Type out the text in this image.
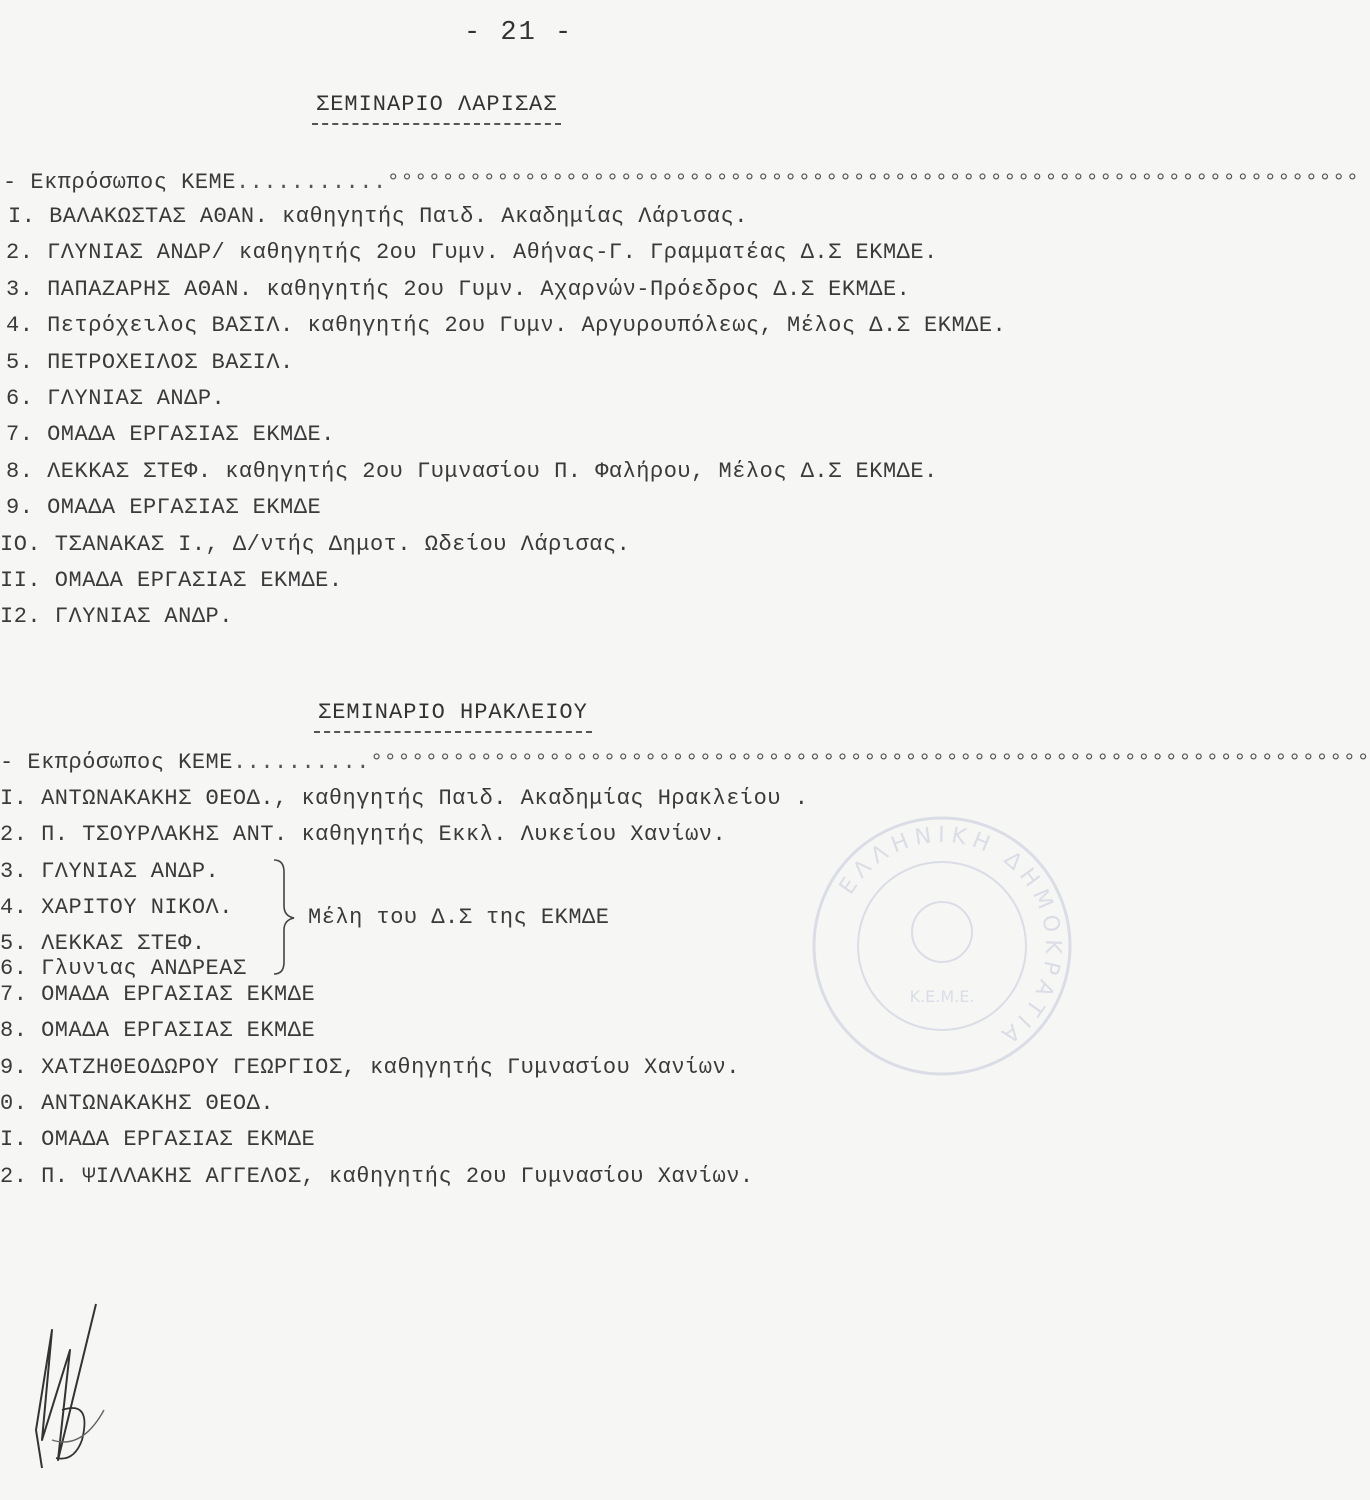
- 21 -
ΣΕΜΙΝΑΡΙΟ ΛΑΡΙΣΑΣ
- Εκπρόσωπος ΚΕΜΕ...........°°°°°°°°°°°°°°°°°°°°°°°°°°°°°°°°°°°°°°°°°°°°°°°°°°°°°°°°°°°°°°°°°°°°°°°
Ι. ΒΑΛΑΚΩΣΤΑΣ ΑΘΑΝ. καθηγητής Παιδ. Ακαδημίας Λάρισας.
2. ΓΛΥΝΙΑΣ ΑΝΔΡ/ καθηγητής 2ου Γυμν. Αθήνας-Γ. Γραμματέας Δ.Σ ΕΚΜΔΕ.
3. ΠΑΠΑΖΑΡΗΣ ΑΘΑΝ. καθηγητής 2ου Γυμν. Αχαρνών-Πρόεδρος Δ.Σ ΕΚΜΔΕ.
4. Πετρόχειλος ΒΑΣΙΛ. καθηγητής 2ου Γυμν. Αργυρουπόλεως, Μέλος Δ.Σ ΕΚΜΔΕ.
5. ΠΕΤΡΟΧΕΙΛΟΣ ΒΑΣΙΛ.
6. ΓΛΥΝΙΑΣ ΑΝΔΡ.
7. ΟΜΑΔΑ ΕΡΓΑΣΙΑΣ ΕΚΜΔΕ.
8. ΛΕΚΚΑΣ ΣΤΕΦ. καθηγητής 2ου Γυμνασίου Π. Φαλήρου, Μέλος Δ.Σ ΕΚΜΔΕ.
9. ΟΜΑΔΑ ΕΡΓΑΣΙΑΣ ΕΚΜΔΕ
ΙΟ. ΤΣΑΝΑΚΑΣ Ι., Δ/ντής Δημοτ. Ωδείου Λάρισας.
ΙΙ. ΟΜΑΔΑ ΕΡΓΑΣΙΑΣ ΕΚΜΔΕ.
Ι2. ΓΛΥΝΙΑΣ ΑΝΔΡ.
ΣΕΜΙΝΑΡΙΟ ΗΡΑΚΛΕΙΟΥ
- Εκπρόσωπος ΚΕΜΕ..........°°°°°°°°°°°°°°°°°°°°°°°°°°°°°°°°°°°°°°°°°°°°°°°°°°°°°°°°°°°°°°°°°°°°°°°°°
Ι. ΑΝΤΩΝΑΚΑΚΗΣ ΘΕΟΔ., καθηγητής Παιδ. Ακαδημίας Ηρακλείου .
2. Π. ΤΣΟΥΡΛΑΚΗΣ ΑΝΤ. καθηγητής Εκκλ. Λυκείου Χανίων.
3. ΓΛΥΝΙΑΣ ΑΝΔΡ.
4. ΧΑΡΙΤΟΥ ΝΙΚΟΛ.
5. ΛΕΚΚΑΣ ΣΤΕΦ.
6. Γλυνιας ΑΝΔΡΕΑΣ
7. ΟΜΑΔΑ ΕΡΓΑΣΙΑΣ ΕΚΜΔΕ
8. ΟΜΑΔΑ ΕΡΓΑΣΙΑΣ ΕΚΜΔΕ
9. ΧΑΤΖΗΘΕΟΔΩΡΟΥ ΓΕΩΡΓΙΟΣ, καθηγητής Γυμνασίου Χανίων.
0. ΑΝΤΩΝΑΚΑΚΗΣ ΘΕΟΔ.
Ι. ΟΜΑΔΑ ΕΡΓΑΣΙΑΣ ΕΚΜΔΕ
2. Π. ΨΙΛΛΑΚΗΣ ΑΓΓΕΛΟΣ, καθηγητής 2ου Γυμνασίου Χανίων.
Μέλη του Δ.Σ της ΕΚΜΔΕ
ΕΛΛΗΝΙΚΗ ΔΗΜΟΚΡΑΤΙΑ
Κ.Ε.Μ.Ε.
